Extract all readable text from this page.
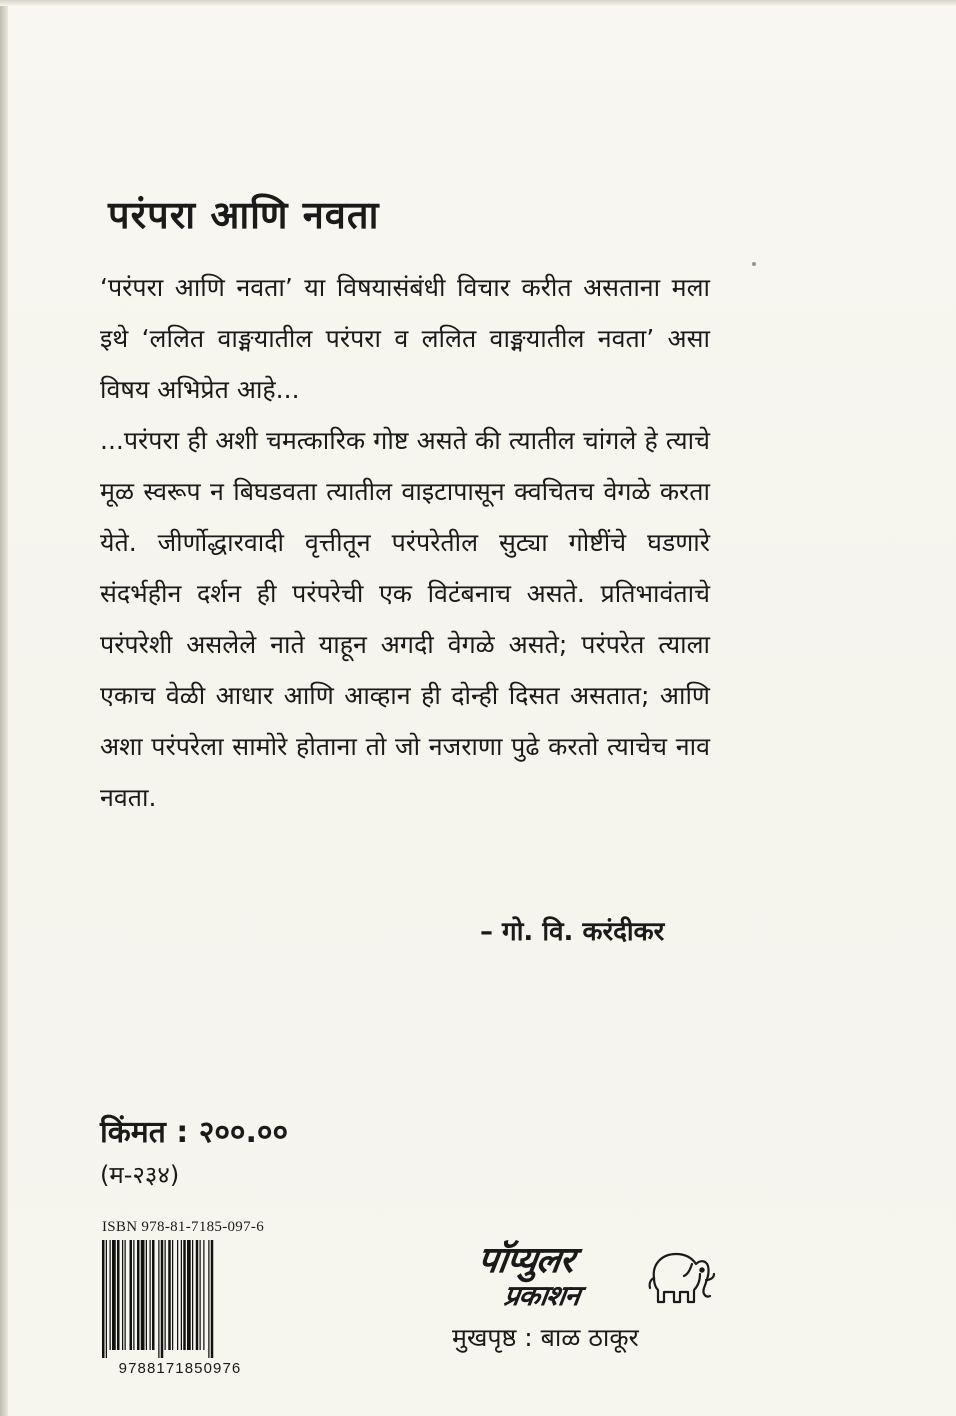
परंपरा आणि नवता

‘परंपरा आणि नवता’ या विषयासंबंधी विचार करीत असताना मला इथे ‘ललित वाङ्मयातील परंपरा व ललित वाङ्मयातील नवता’ असा विषय अभिप्रेत आहे...

...परंपरा ही अशी चमत्कारिक गोष्ट असते की त्यातील चांगले हे त्याचे मूळ स्वरूप न बिघडवता त्यातील वाइटापासून क्वचितच वेगळे करता येते. जीर्णोद्धारवादी वृत्तीतून परंपरेतील सुट्या गोष्टींचे घडणारे संदर्भहीन दर्शन ही परंपरेची एक विटंबनाच असते. प्रतिभावंताचे परंपरेशी असलेले नाते याहून अगदी वेगळे असते; परंपरेत त्याला एकाच वेळी आधार आणि आव्हान ही दोन्ही दिसत असतात; आणि अशा परंपरेला सामोरे होताना तो जो नजराणा पुढे करतो त्याचेच नाव नवता.

– गो. वि. करंदीकर
किंमत : २००.००
(म-२३४)
ISBN 978-81-7185-097-6
9788171850976
पॉप्युलर
प्रकाशन
मुखपृष्ठ : बाळ ठाकूर
